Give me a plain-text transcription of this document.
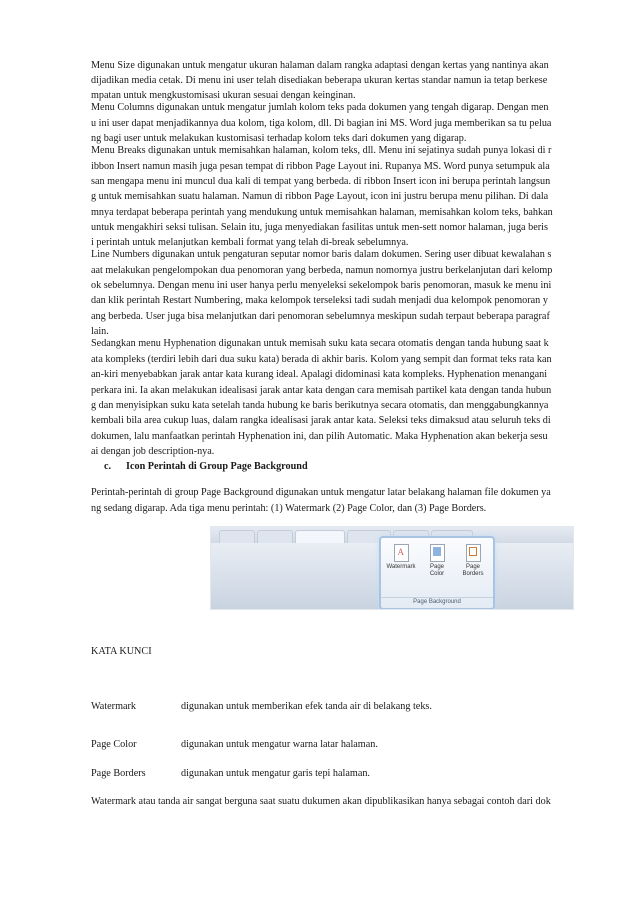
Menu Size digunakan untuk mengatur ukuran halaman dalam rangka adaptasi dengan kertas yang nantinya akan
dijadikan media cetak. Di menu ini user telah disediakan beberapa ukuran kertas standar namun ia tetap berkese
mpatan untuk mengkustomisasi ukuran sesuai dengan keinginan.
Menu Columns digunakan untuk mengatur jumlah kolom teks pada dokumen yang tengah digarap. Dengan men
u ini user dapat menjadikannya dua kolom, tiga kolom, dll. Di bagian ini MS. Word juga memberikan sa tu pelua
ng bagi user untuk melakukan kustomisasi terhadap kolom teks dari dokumen yang digarap.
Menu Breaks digunakan untuk memisahkan halaman, kolom teks, dll. Menu ini sejatinya sudah punya lokasi di r
ibbon Insert namun masih juga pesan tempat di ribbon Page Layout ini. Rupanya MS. Word punya setumpuk ala
san mengapa menu ini muncul dua kali di tempat yang berbeda. di ribbon Insert icon ini berupa perintah langsun
g untuk memisahkan suatu halaman. Namun di ribbon Page Layout, icon ini justru berupa menu pilihan. Di dala
mnya terdapat beberapa perintah yang mendukung untuk memisahkan halaman, memisahkan kolom teks, bahkan
untuk mengakhiri seksi tulisan. Selain itu, juga menyediakan fasilitas untuk men-sett nomor halaman, juga beris
i perintah untuk melanjutkan kembali format yang telah di-break sebelumnya.
Line Numbers digunakan untuk pengaturan seputar nomor baris dalam dokumen. Sering user dibuat kewalahan s
aat melakukan pengelompokan dua penomoran yang berbeda, namun nomornya justru berkelanjutan dari kelomp
ok sebelumnya. Dengan menu ini user hanya perlu menyeleksi sekelompok baris penomoran, masuk ke menu ini
dan klik perintah Restart Numbering, maka kelompok terseleksi tadi sudah menjadi dua kelompok penomoran y
ang berbeda. User juga bisa melanjutkan dari penomoran sebelumnya meskipun sudah terpaut beberapa paragraf
lain.
Sedangkan menu Hyphenation digunakan untuk memisah suku kata secara otomatis dengan tanda hubung saat k
ata kompleks (terdiri lebih dari dua suku kata) berada di akhir baris. Kolom yang sempit dan format teks rata kan
an-kiri menyebabkan jarak antar kata kurang ideal. Apalagi didominasi kata kompleks. Hyphenation menangani
perkara ini. Ia akan melakukan idealisasi jarak antar kata dengan cara memisah partikel kata dengan tanda hubun
g dan menyisipkan suku kata setelah tanda hubung ke baris berikutnya secara otomatis, dan menggabungkannya
kembali bila area cukup luas, dalam rangka idealisasi jarak antar kata. Seleksi teks dimaksud atau seluruh teks di
dokumen, lalu manfaatkan perintah Hyphenation ini, dan pilih Automatic. Maka Hyphenation akan bekerja sesu
ai dengan job description-nya.
c. Icon Perintah di Group Page Background
Perintah-perintah di group Page Background digunakan untuk mengatur latar belakang halaman file dokumen ya
ng sedang digarap. Ada tiga menu perintah: (1) Watermark (2) Page Color, dan (3) Page Borders.
A
Watermark	Page
Color
Page
Borders
Page Background
KATA KUNCI
Watermark	digunakan untuk memberikan efek tanda air di belakang teks.
Page Color	digunakan untuk mengatur warna latar halaman.
Page Borders	digunakan untuk mengatur garis tepi halaman.
Watermark atau tanda air sangat berguna saat suatu dukumen akan dipublikasikan hanya sebagai contoh dari dok
